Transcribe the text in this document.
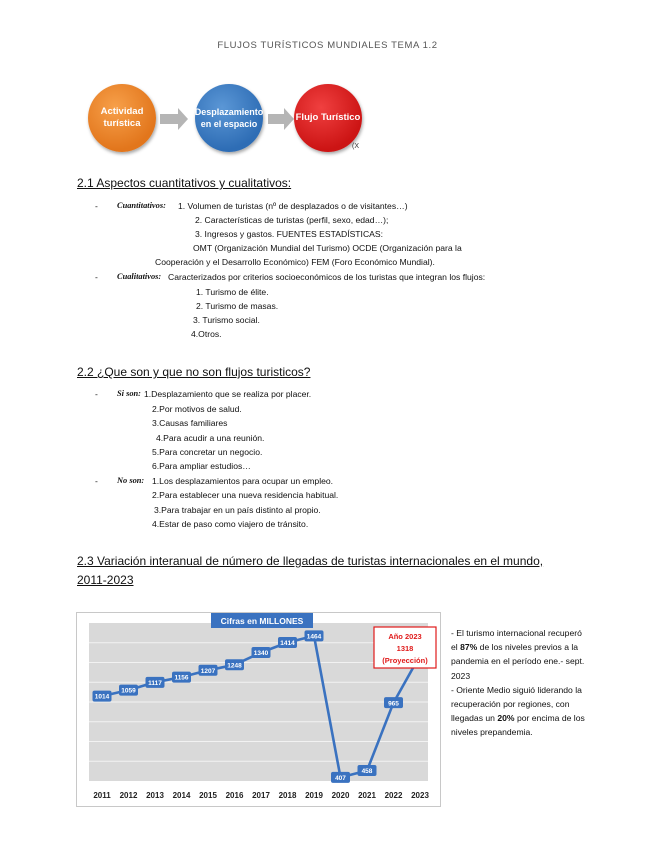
FLUJOS TURÍSTICOS MUNDIALES TEMA 1.2
Actividad turística
Desplazamiento en el espacio
Flujo Turístico
(X
2.1 Aspectos cuantitativos y cualitativos:
- Cuantitativos: 1. Volumen de turistas (nº de desplazados o de visitantes…)
2. Características de turistas (perfil, sexo, edad…);
3. Ingresos y gastos. FUENTES ESTADÍSTICAS:
OMT (Organización Mundial del Turismo) OCDE (Organización para la
Cooperación y el Desarrollo Económico) FEM (Foro Económico Mundial).
- Cualitativos: Caracterizados por criterios socioeconómicos de los turistas que integran los flujos:
1. Turismo de élite.
2. Turismo de masas.
3. Turismo social.
4.Otros.
2.2 ¿Que son y que no son flujos turisticos?
- Si son: 1.Desplazamiento que se realiza por placer.
2.Por motivos de salud.
3.Causas familiares
4.Para acudir a una reunión.
5.Para concretar un negocio.
6.Para ampliar estudios…
- No son: 1.Los desplazamientos para ocupar un empleo.
2.Para establecer una nueva residencia habitual.
3.Para trabajar en un país distinto al propio.
4.Estar de paso como viajero de tránsito.
2.3 Variación interanual de número de llegadas de turistas internacionales en el mundo,
2011-2023
1014
1059
1117
1156
1207
1248
1340
1414
1464
407
458
965
2011 2012 2013 2014 2015 2016 2017 2018 2019 2020 2021 2022 2023
Cifras en MILLONES
Año 2023
1318
(Proyección)

- El turismo internacional recuperó el 87% de los niveles previos a la pandemia en el período ene.- sept. 2023

- Oriente Medio siguió liderando la recuperación por regiones, con llegadas un 20% por encima de los niveles prepandemia.
